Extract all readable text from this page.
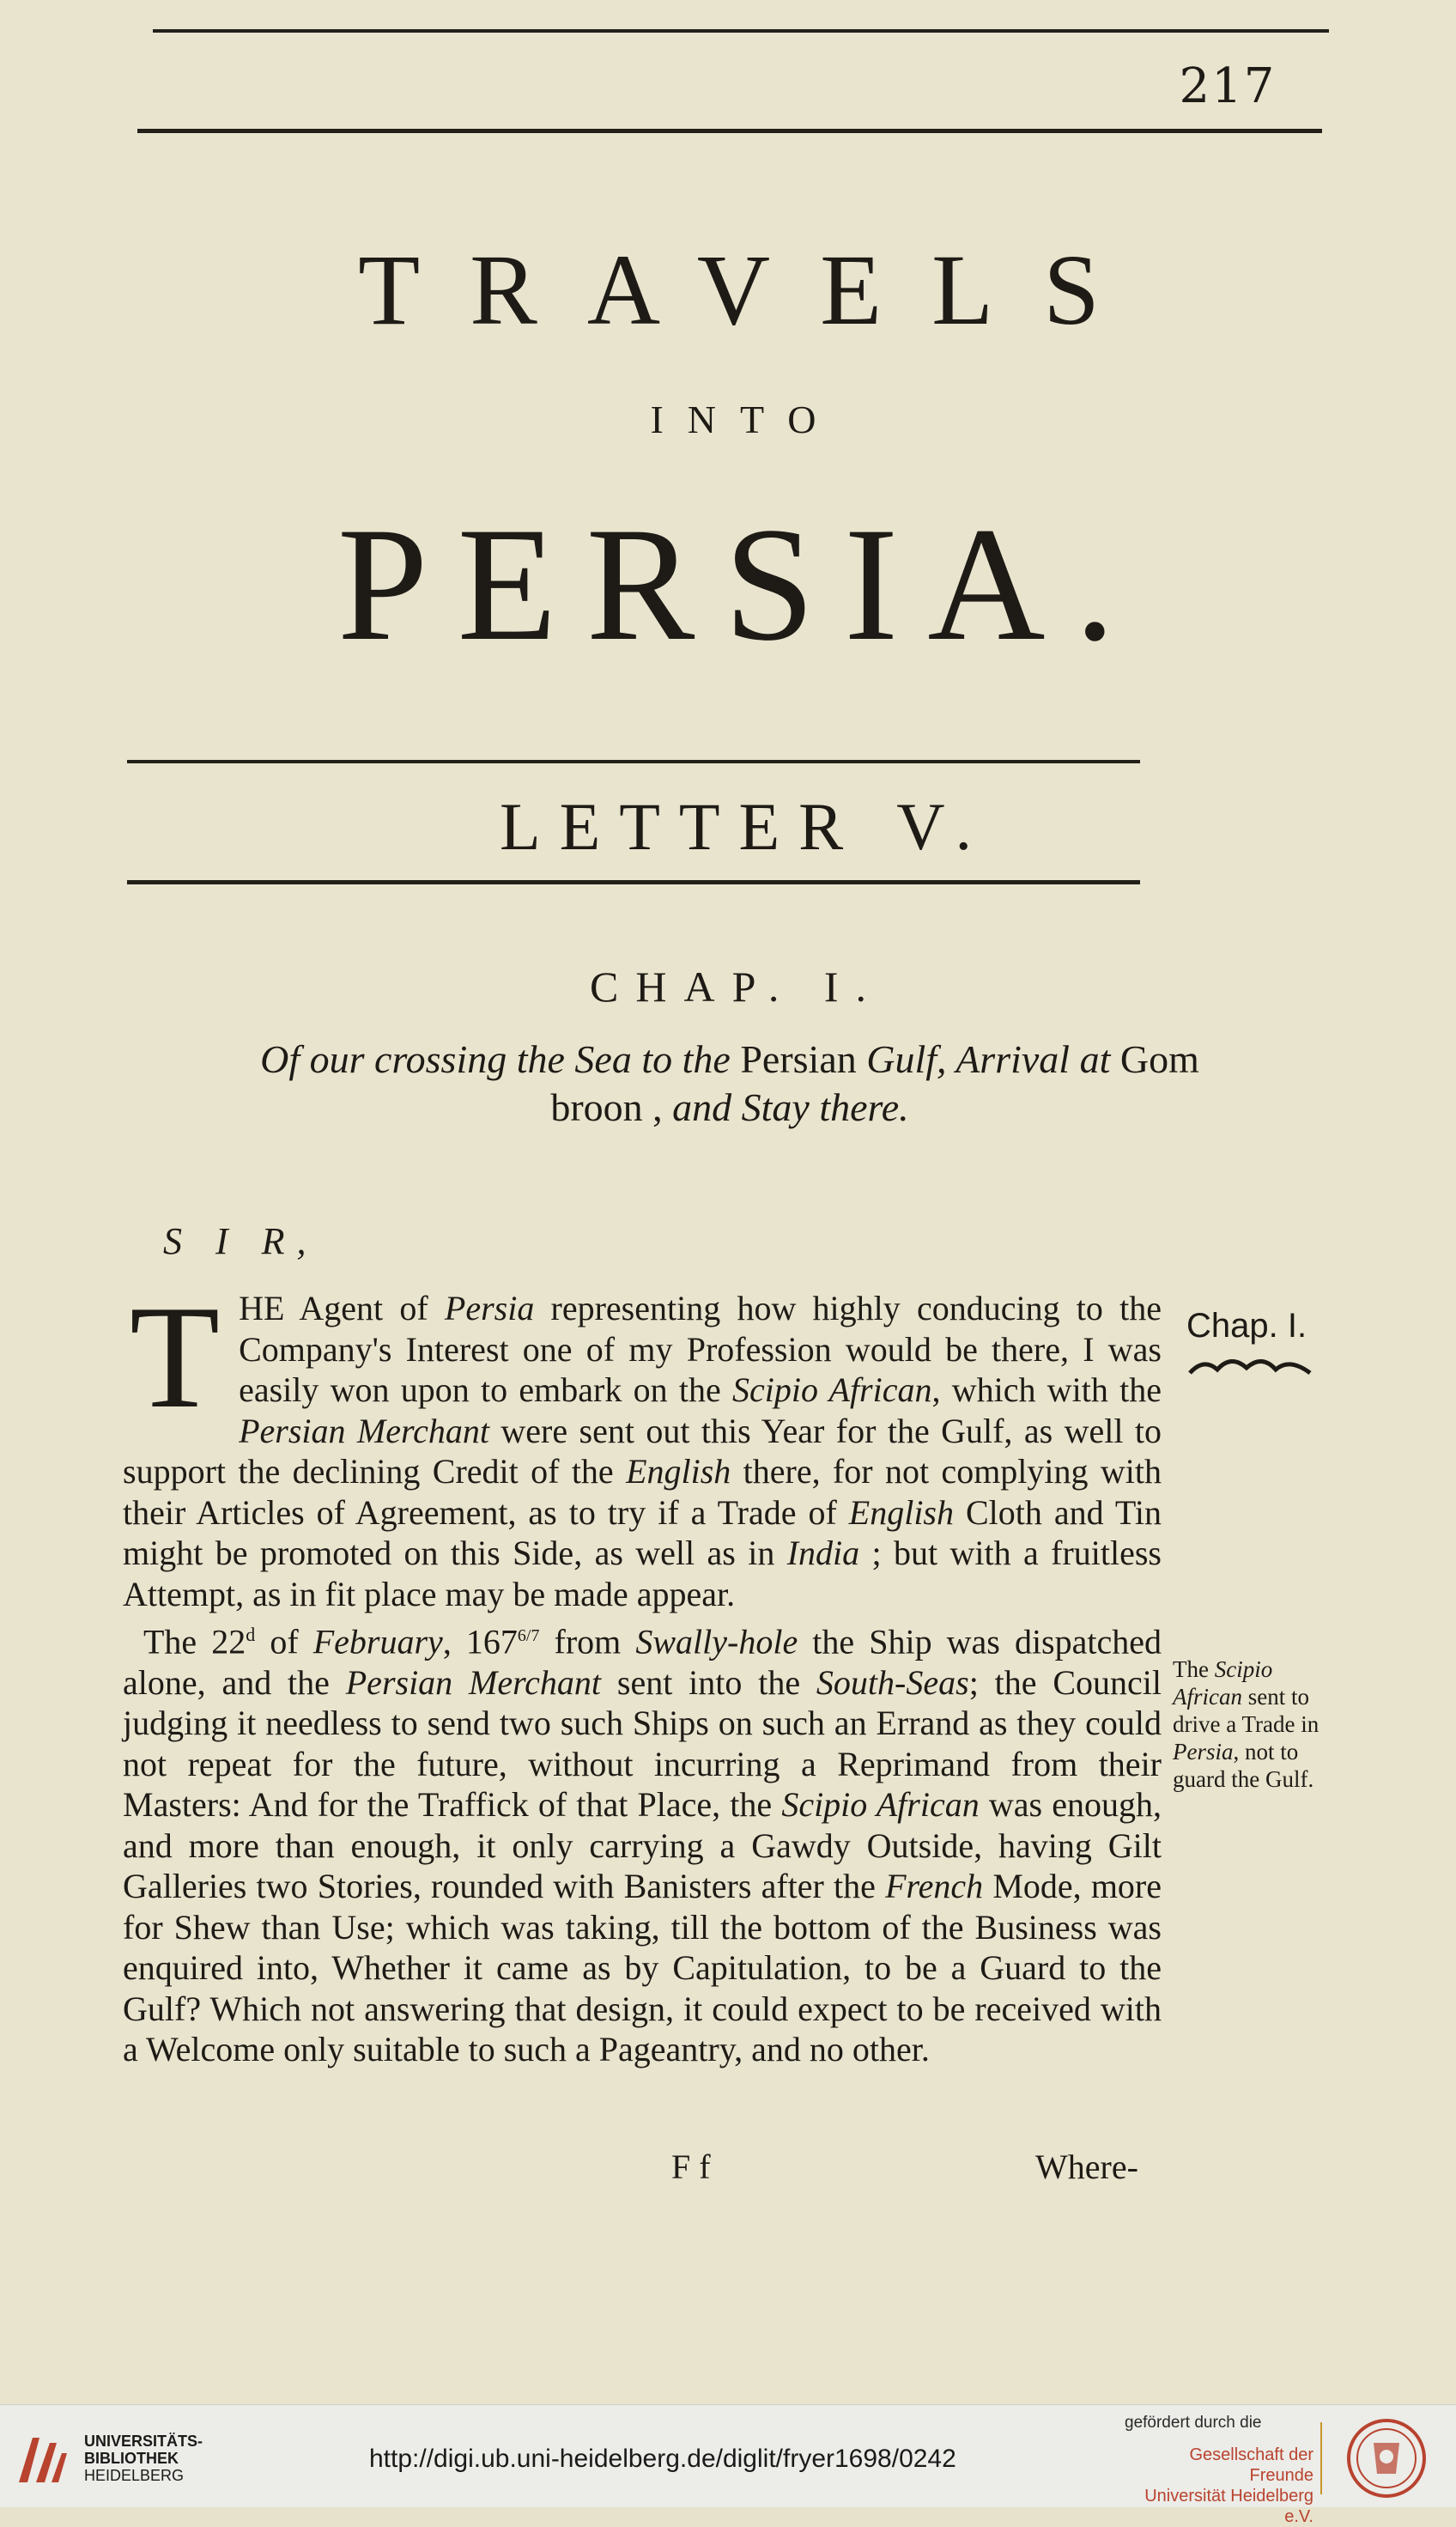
217
TRAVELS
INTO
PERSIA.
LETTER V.
CHAP. I.
Of our crossing the Sea to the Persian Gulf, Arrival at Gom
broon , and Stay there.
S I R,

THE Agent of Persia representing how highly conducing to the Company's Interest one of my Profession would be there, I was easily won upon to embark on the Scipio African, which with the Persian Merchant were sent out this Year for the Gulf, as well to support the declining Credit of the English there, for not complying with their Articles of Agreement, as to try if a Trade of English Cloth and Tin might be promoted on this Side, as well as in India ; but with a fruitless Attempt, as in fit place may be made appear.

The 22$^d$ of February, $167^{6/7}$ from Swally-hole the Ship was dispatched alone, and the Persian Merchant sent into the South-Seas; the Council judging it needless to send two such Ships on such an Errand as they could not repeat for the future, without incurring a Reprimand from their Masters: And for the Traffick of that Place, the Scipio African was enough, and more than enough, it only carrying a Gawdy Outside, having Gilt Galleries two Stories, rounded with Banisters after the French Mode, more for Shew than Use; which was taking, till the bottom of the Business was enquired into, Whether it came as by Capitulation, to be a Guard to the Gulf? Which not answering that design, it could expect to be received with a Welcome only suitable to such a Pageantry, and no other.

F f	Where-
Chap. I.
The Scipio African sent to drive a Trade in Persia, not to guard the Gulf.
UNIVERSITÄTS-
BIBLIOTHEK
HEIDELBERG
http://digi.ub.uni-heidelberg.de/diglit/fryer1698/0242
gefördert durch die
Gesellschaft der Freunde
Universität Heidelberg e.V.
